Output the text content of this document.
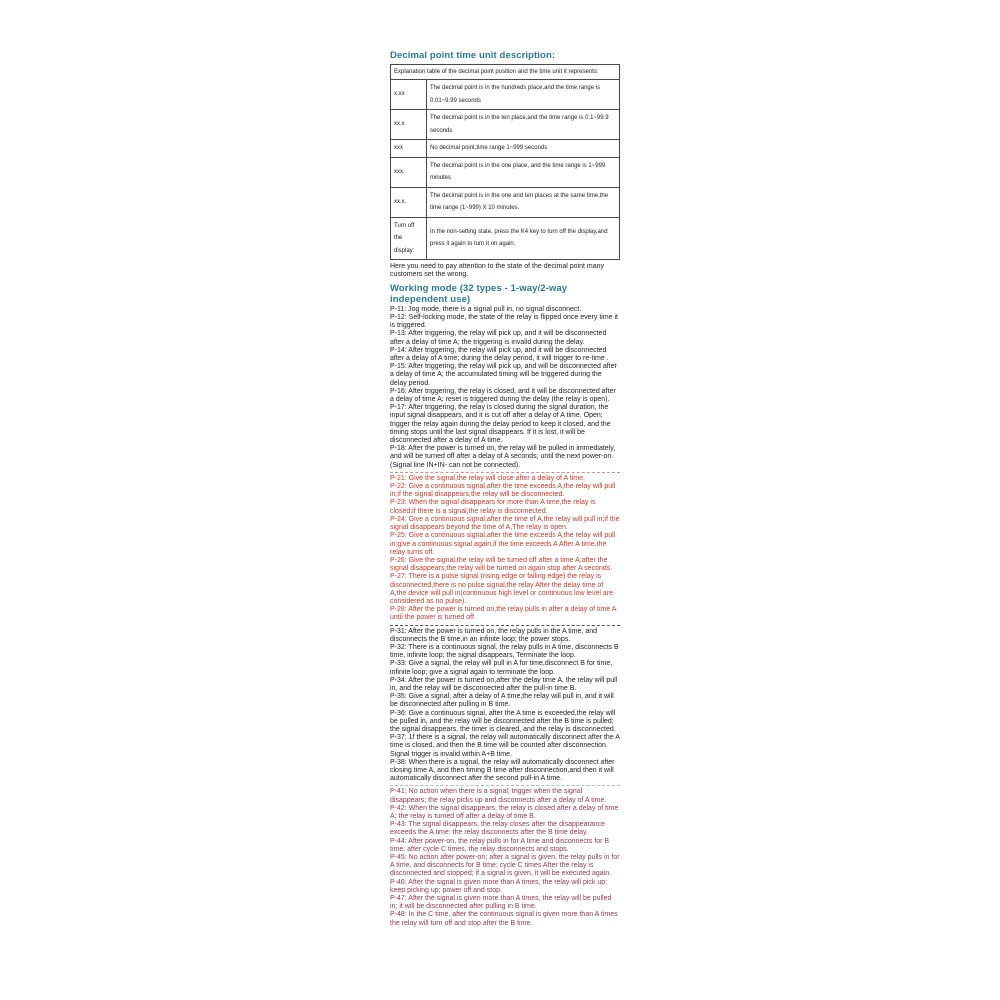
Decimal point time unit description:
Explanation table of the decimal point position and the time unit it represents:	
x.xx	The decimal point is in the hundreds place,and the time range is 0.01~9.99 seconds
xx.x	The decimal point is in the ten place,and the time range is 0.1~99.9 seconds
xxx	No decimal point,time range 1~999 seconds
xxx.	The decimal point is in the one place, and the time range is 1~999 minutes
xx.x.	The decimal point is in the one and ten places at the same time,the time range (1~999) X 10 minutes.
Turn off the display:	In the non-setting state, press the K4 key to turn off the display,and press it again to turn it on again.

Here you need to pay attention to the state of the decimal point many customers set the wrong.

Working mode (32 types - 1-way/2-way independent use)

P-11: Jog mode, there is a signal pull in, no signal disconnect.

P-12: Self-locking mode, the state of the relay is flipped once every time it is triggered.

P-13: After triggering, the relay will pick up, and it will be disconnected after a delay of time A; the triggering is invalid during the delay.

P-14: After triggering, the relay will pick up, and it will be disconnected after a delay of A time; during the delay period, it will trigger to re-time .

P-15: After triggering, the relay will pick up, and will be disconnected after a delay of time A; the accumulated timing will be triggered during the delay period.

P-16: After triggering, the relay is closed, and it will be disconnected after a delay of time A; reset is triggered during the delay (the relay is open).

P-17: After triggering, the relay is closed during the signal duration, the input signal disappears, and it is cut off after a delay of A time. Open; trigger the relay again during the delay period to keep it closed, and the timing stops until the last signal disappears. If it is lost, it will be disconnected after a delay of A time.

P-18: After the power is turned on, the relay will be pulled in immediately, and will be turned off after a delay of A seconds; until the next power-on. (Signal line IN+IN- can not be connected).

P-21: Give the signal,the relay will close after a delay of A time.

P-22: Give a continuous signal,after the time exceeds A,the relay will pull in;if the signal disappears,the relay will be disconnected.

P-23: When the signal disappears for more than A time,the relay is closed;if there is a signal,the relay is disconnected.

P-24: Give a continuous signal,after the time of A,the relay will pull in;if the signal disappears beyond the time of A,The relay is open.

P-25: Give a continuous signal,after the time exceeds A,the relay will pull in;give a continuous signal again,if the time exceeds A After A time,the relay turns off.

P-26: Give the signal,the relay will be turned off after a time A;after the signal disappears,the relay will be turned on again stop after A seconds.

P-27: There is a pulse signal (rising edge or falling edge) the relay is disconnected,there is no pulse signal,the relay After the delay time of A,the device will pull in(continuous high level or continuous low level are considered as no pulse).

P-28: After the power is turned on,the relay pulls in after a delay of time A until the power is turned off.

P-31: After the power is turned on, the relay pulls in the A time, and disconnects the B time,in an infinite loop; the power stops.

P-32: There is a continuous signal, the relay pulls in A time, disconnects B time, infinite loop; the signal disappears, Terminate the loop.

P-33: Give a signal, the relay will pull in A for time,disconnect B for time, infinite loop; give a signal again to terminate the loop.

P-34: After the power is turned on,after the delay time A, the relay will pull in, and the relay will be disconnected after the pull-in time B.

P-35: Give a signal, after a delay of A time,the relay will pull in, and it will be disconnected after pulling in B time.

P-36: Give a continuous signal, after the A time is exceeded,the relay will be pulled in, and the relay will be disconnected after the B time is pulled; the signal disappears, the timer is cleared, and the relay is disconnected.

P-37: 1f there is a signal, the relay will automatically disconnect after the A time is closed, and then the B time will be counted after disconnection. Signal trigger is invalid within A+B time.

P-38: When there is a signal, the relay will automatically disconnect after closing time A, and then timing B time after disconnection,and then it will automatically disconnect after the second pull-in A time.

P-41: No action when there is a signal; trigger when the signal disappears; the relay picks up and disconnects after a delay of A time.

P-42: When the signal disappears, the relay is closed after a delay of time A; the relay is turned off after a delay of time B.

P-43: The signal disappears, the relay closes after the disappearance exceeds the A time: the relay disconnects after the B time delay.

P-44: After power-on, the relay pulls in for A time and disconnects for B time; after cycle C times, the relay disconnects and stops.

P-45: No action after power-on; after a signal is given, the relay pulls in for A time, and disconnects for B time; cycle C times After the relay is disconnected and stopped; if a signal is given, it will be executed again.

P-46: After the signal is given more than A times, the relay will pick up; keep picking up; power off and stop.

P-47: After the signal is given more than A times, the relay will be pulled in; it will be disconnected after pulling in B time.

P-48: In the C time. after the continuous signal is given more than A times the relay will turn off and stop after the B time.
